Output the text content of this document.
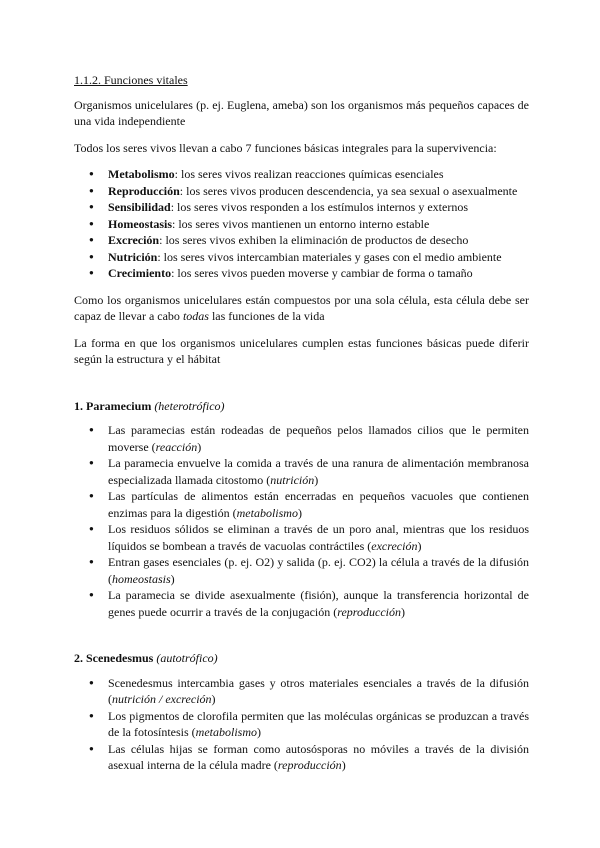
1.1.2. Funciones vitales

Organismos unicelulares (p. ej. Euglena, ameba) son los organismos más pequeños capaces de una vida independiente

Todos los seres vivos llevan a cabo 7 funciones básicas integrales para la supervivencia:

● Metabolismo: los seres vivos realizan reacciones químicas esenciales
● Reproducción: los seres vivos producen descendencia, ya sea sexual o asexualmente
● Sensibilidad: los seres vivos responden a los estímulos internos y externos
● Homeostasis: los seres vivos mantienen un entorno interno estable
● Excreción: los seres vivos exhiben la eliminación de productos de desecho
● Nutrición: los seres vivos intercambian materiales y gases con el medio ambiente
● Crecimiento: los seres vivos pueden moverse y cambiar de forma o tamaño

Como los organismos unicelulares están compuestos por una sola célula, esta célula debe ser capaz de llevar a cabo todas las funciones de la vida

La forma en que los organismos unicelulares cumplen estas funciones básicas puede diferir según la estructura y el hábitat

1. Paramecium (heterotrófico)
● Las paramecias están rodeadas de pequeños pelos llamados cilios que le permiten moverse (reacción)
● La paramecia envuelve la comida a través de una ranura de alimentación membranosa especializada llamada citostomo (nutrición)
● Las partículas de alimentos están encerradas en pequeños vacuoles que contienen enzimas para la digestión (metabolismo)
● Los residuos sólidos se eliminan a través de un poro anal, mientras que los residuos líquidos se bombean a través de vacuolas contráctiles (excreción)
● Entran gases esenciales (p. ej. O2) y salida (p. ej. CO2) la célula a través de la difusión (homeostasis)
● La paramecia se divide asexualmente (fisión), aunque la transferencia horizontal de genes puede ocurrir a través de la conjugación (reproducción)
2. Scenedesmus (autotrófico)
● Scenedesmus intercambia gases y otros materiales esenciales a través de la difusión (nutrición / excreción)
● Los pigmentos de clorofila permiten que las moléculas orgánicas se produzcan a través de la fotosíntesis (metabolismo)
● Las células hijas se forman como autosósporas no móviles a través de la división asexual interna de la célula madre (reproducción)
